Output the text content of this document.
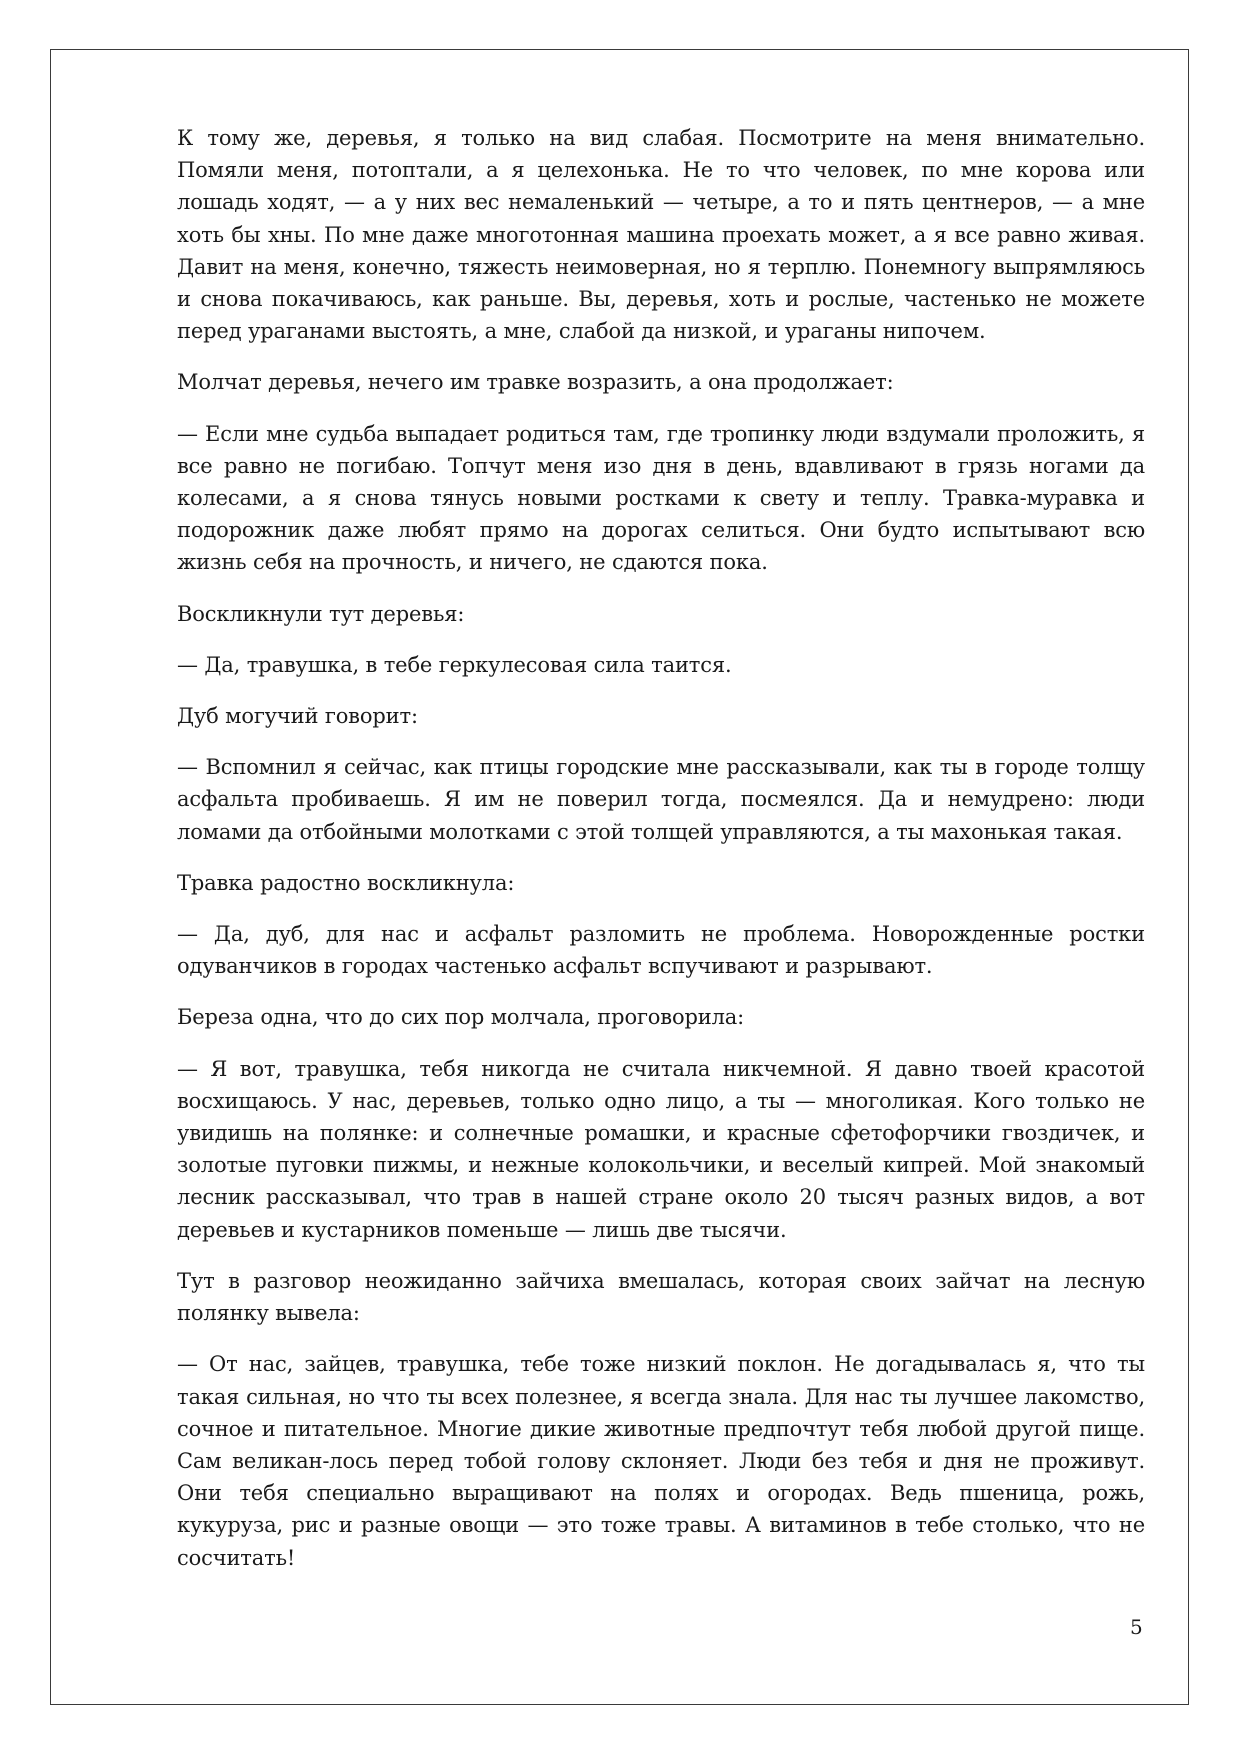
К тому же, деревья, я только на вид слабая. Посмотрите на меня внимательно. Помяли меня, потоптали, а я целехонька. Не то что человек, по мне корова или лошадь ходят, — а у них вес немаленький — четыре, а то и пять центнеров, — а мне хоть бы хны. По мне даже многотонная машина проехать может, а я все равно живая. Давит на меня, конечно, тяжесть неимоверная, но я терплю. Понемногу выпрямляюсь и снова покачиваюсь, как раньше. Вы, деревья, хоть и рослые, частенько не можете перед ураганами выстоять, а мне, слабой да низкой, и ураганы нипочем.

Молчат деревья, нечего им травке возразить, а она продолжает:

— Если мне судьба выпадает родиться там, где тропинку люди вздумали проложить, я все равно не погибаю. Топчут меня изо дня в день, вдавливают в грязь ногами да колесами, а я снова тянусь новыми ростками к свету и теплу. Травка-муравка и подорожник даже любят прямо на дорогах селиться. Они будто испытывают всю жизнь себя на прочность, и ничего, не сдаются пока.

Воскликнули тут деревья:

— Да, травушка, в тебе геркулесовая сила таится.

Дуб могучий говорит:

— Вспомнил я сейчас, как птицы городские мне рассказывали, как ты в городе толщу асфальта пробиваешь. Я им не поверил тогда, посмеялся. Да и немудрено: люди ломами да отбойными молотками с этой толщей управляются, а ты махонькая такая.

Травка радостно воскликнула:

— Да, дуб, для нас и асфальт разломить не проблема. Новорожденные ростки одуванчиков в городах частенько асфальт вспучивают и разрывают.

Береза одна, что до сих пор молчала, проговорила:

— Я вот, травушка, тебя никогда не считала никчемной. Я давно твоей красотой восхищаюсь. У нас, деревьев, только одно лицо, а ты — многоликая. Кого только не увидишь на полянке: и солнечные ромашки, и красные сфетофорчики гвоздичек, и золотые пуговки пижмы, и нежные колокольчики, и веселый кипрей. Мой знакомый лесник рассказывал, что трав в нашей стране около 20 тысяч разных видов, а вот деревьев и кустарников поменьше — лишь две тысячи.

Тут в разговор неожиданно зайчиха вмешалась, которая своих зайчат на лесную полянку вывела:

— От нас, зайцев, травушка, тебе тоже низкий поклон. Не догадывалась я, что ты такая сильная, но что ты всех полезнее, я всегда знала. Для нас ты лучшее лакомство, сочное и питательное. Многие дикие животные предпочтут тебя любой другой пище. Сам великан-лось перед тобой голову склоняет. Люди без тебя и дня не проживут. Они тебя специально выращивают на полях и огородах. Ведь пшеница, рожь, кукуруза, рис и разные овощи — это тоже травы. А витаминов в тебе столько, что не сосчитать!

5
